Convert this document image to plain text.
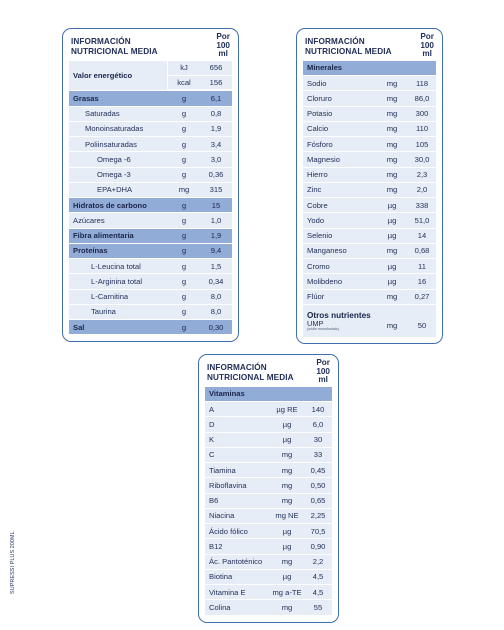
INFORMACIÓN
NUTRICIONAL MEDIA
Por
100
ml
Valor energético
kJ	656
kcal	156
Grasas	g	6,1
Saturadas	g	0,8
Monoinsaturadas	g	1,9
Poliinsaturadas	g	3,4
Omega -6	g	3,0
Omega -3	g	0,36
EPA+DHA	mg	315
Hidratos de carbono	g	15
Azúcares	g	1,0
Fibra alimentaria	g	1,9
Proteínas	g	9,4
L-Leucina total	g	1,5
L-Arginina total	g	0,34
L-Carnitina	g	8,0
Taurina	g	8,0
Sal	g	0,30
INFORMACIÓN
NUTRICIONAL MEDIA
Por
100
ml
Minerales
Sodio	mg	118
Cloruro	mg	86,0
Potasio	mg	300
Calcio	mg	110
Fósforo	mg	105
Magnesio	mg	30,0
Hierro	mg	2,3
Zinc	mg	2,0
Cobre	µg	338
Yodo	µg	51,0
Selenio	µg	14
Manganeso	mg	0,68
Cromo	µg	11
Molibdeno	µg	16
Flúor	mg	0,27
Otros nutrientes
UMP
(uridin monofosfato)	mg	50
INFORMACIÓN
NUTRICIONAL MEDIA
Por
100
ml
Vitaminas
A	µg RE	140
D	µg	6,0
K	µg	30
C	mg	33
Tiamina	mg	0,45
Riboflavina	mg	0,50
B6	mg	0,65
Niacina	mg NE	2,25
Ácido fólico	µg	70,5
B12	µg	0,90
Ác. Pantoténico	mg	2,2
Biotina	µg	4,5
Vitamina E	mg a-TE	4,5
Colina	mg	55
SUPRESSI PLUS 200ML
